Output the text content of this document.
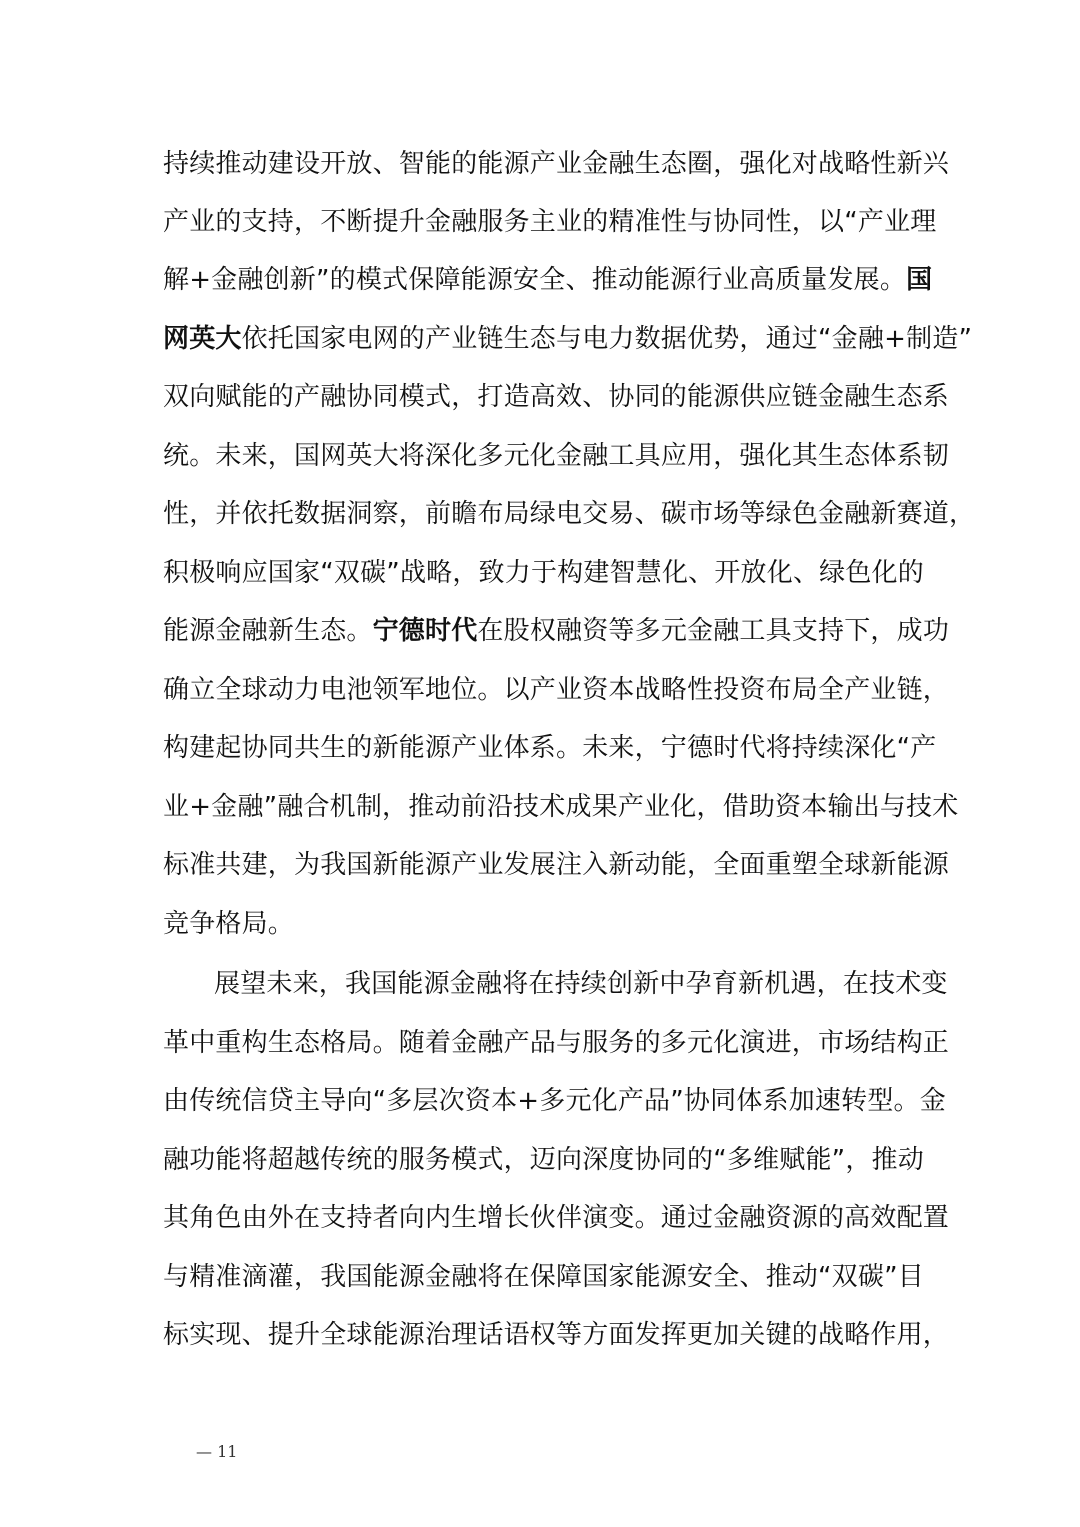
持续推动建设开放、智能的能源产业金融生态圈，强化对战略性新兴
产业的支持，不断提升金融服务主业的精准性与协同性，以“产业理
解+金融创新”的模式保障能源安全、推动能源行业高质量发展。国
网英大依托国家电网的产业链生态与电力数据优势，通过“金融+制造”
双向赋能的产融协同模式，打造高效、协同的能源供应链金融生态系
统。未来，国网英大将深化多元化金融工具应用，强化其生态体系韧
性，并依托数据洞察，前瞻布局绿电交易、碳市场等绿色金融新赛道，
积极响应国家“双碳”战略，致力于构建智慧化、开放化、绿色化的
能源金融新生态。宁德时代在股权融资等多元金融工具支持下，成功
确立全球动力电池领军地位。以产业资本战略性投资布局全产业链，
构建起协同共生的新能源产业体系。未来，宁德时代将持续深化“产
业+金融”融合机制，推动前沿技术成果产业化，借助资本输出与技术
标准共建，为我国新能源产业发展注入新动能，全面重塑全球新能源
竞争格局。
展望未来，我国能源金融将在持续创新中孕育新机遇，在技术变
革中重构生态格局。随着金融产品与服务的多元化演进，市场结构正
由传统信贷主导向“多层次资本+多元化产品”协同体系加速转型。金
融功能将超越传统的服务模式，迈向深度协同的“多维赋能”，推动
其角色由外在支持者向内生增长伙伴演变。通过金融资源的高效配置
与精准滴灌，我国能源金融将在保障国家能源安全、推动“双碳”目
标实现、提升全球能源治理话语权等方面发挥更加关键的战略作用，
— 11
